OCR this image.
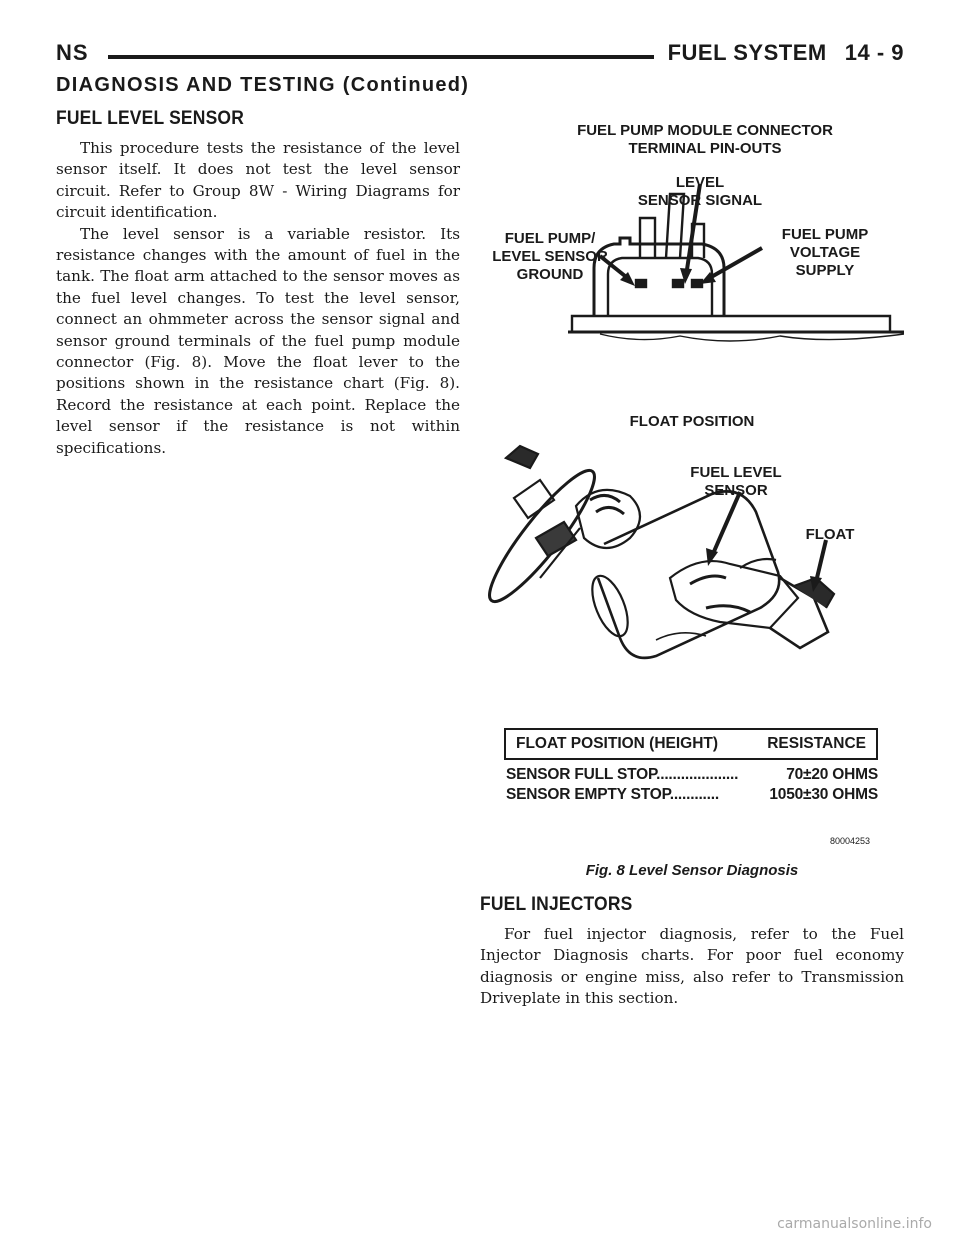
NS	FUEL SYSTEM 14 - 9
DIAGNOSIS AND TESTING (Continued)
FUEL LEVEL SENSOR

This procedure tests the resistance of the level sensor itself. It does not test the level sensor circuit. Refer to Group 8W - Wiring Diagrams for circuit identification.

The level sensor is a variable resistor. Its resistance changes with the amount of fuel in the tank. The float arm attached to the sensor moves as the fuel level changes. To test the level sensor, connect an ohmmeter across the sensor signal and sensor ground terminals of the fuel pump module connector (Fig. 8). Move the float lever to the positions shown in the resistance chart (Fig. 8). Record the resistance at each point. Replace the level sensor if the resistance is not within specifications.

FUEL PUMP MODULE CONNECTOR
TERMINAL PIN-OUTS
LEVEL
SENSOR SIGNAL
FUEL PUMP/
LEVEL SENSOR
GROUND
FUEL PUMP
VOLTAGE
SUPPLY
FLOAT POSITION
FUEL LEVEL
SENSOR
FLOAT
FLOAT POSITION (HEIGHT)	RESISTANCE
SENSOR FULL STOP....................	70±20 OHMS
SENSOR EMPTY STOP............	1050±30 OHMS
80004253
Fig. 8 Level Sensor Diagnosis
FUEL INJECTORS

For fuel injector diagnosis, refer to the Fuel Injector Diagnosis charts. For poor fuel economy diagnosis or engine miss, also refer to Transmission Driveplate in this section.

carmanualsonline.info
